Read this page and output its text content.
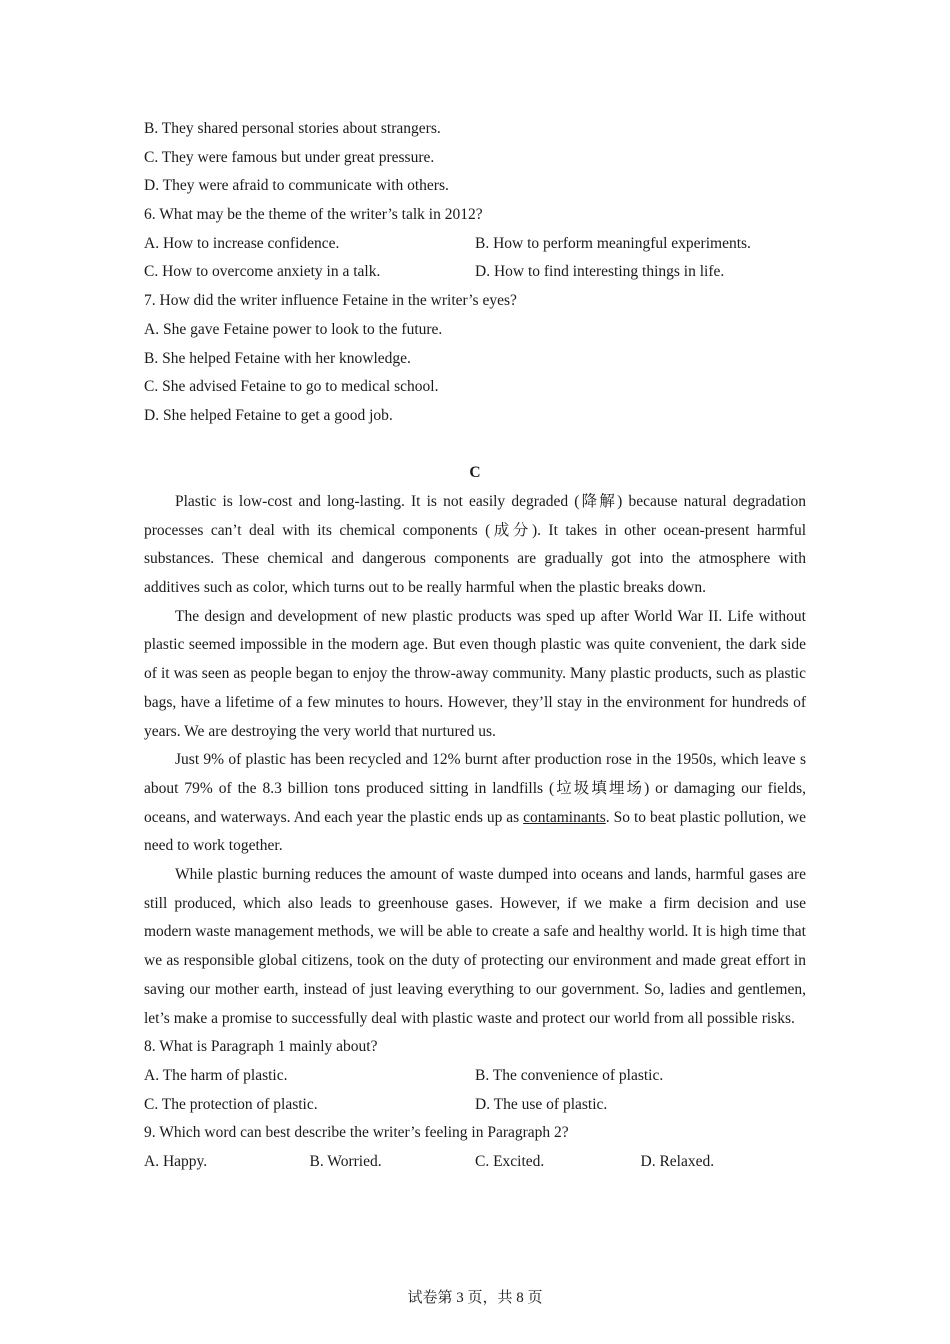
B. They shared personal stories about strangers.
C. They were famous but under great pressure.
D. They were afraid to communicate with others.
6. What may be the theme of the writer’s talk in 2012?
A. How to increase confidence.	B. How to perform meaningful experiments.
C. How to overcome anxiety in a talk.	D. How to find interesting things in life.
7. How did the writer influence Fetaine in the writer’s eyes?
A. She gave Fetaine power to look to the future.
B. She helped Fetaine with her knowledge.
C. She advised Fetaine to go to medical school.
D. She helped Fetaine to get a good job.
C

Plastic is low-cost and long-lasting. It is not easily degraded (降解) because natural degradation processes can’t deal with its chemical components (成分). It takes in other ocean-present harmful substances. These chemical and dangerous components are gradually got into the atmosphere with additives such as color, which turns out to be really harmful when the plastic breaks down.

The design and development of new plastic products was sped up after World War II. Life without plastic seemed impossible in the modern age. But even though plastic was quite convenient, the dark side of it was seen as people began to enjoy the throw-away community. Many plastic products, such as plastic bags, have a lifetime of a few minutes to hours. However, they’ll stay in the environment for hundreds of years. We are destroying the very world that nurtured us.

Just 9% of plastic has been recycled and 12% burnt after production rose in the 1950s, which leave s about 79% of the 8.3 billion tons produced sitting in landfills (垃圾填埋场) or damaging our fields, oceans, and waterways. And each year the plastic ends up as contaminants. So to beat plastic pollution, we need to work together.

While plastic burning reduces the amount of waste dumped into oceans and lands, harmful gases are still produced, which also leads to greenhouse gases. However, if we make a firm decision and use modern waste management methods, we will be able to create a safe and healthy world. It is high time that we as responsible global citizens, took on the duty of protecting our environment and made great effort in saving our mother earth, instead of just leaving everything to our government. So, ladies and gentlemen, let’s make a promise to successfully deal with plastic waste and protect our world from all possible risks.

8. What is Paragraph 1 mainly about?
A. The harm of plastic.	B. The convenience of plastic.
C. The protection of plastic.	D. The use of plastic.
9. Which word can best describe the writer’s feeling in Paragraph 2?
A. Happy.	B. Worried.	C. Excited.	D. Relaxed.
试卷第 3 页，共 8 页
